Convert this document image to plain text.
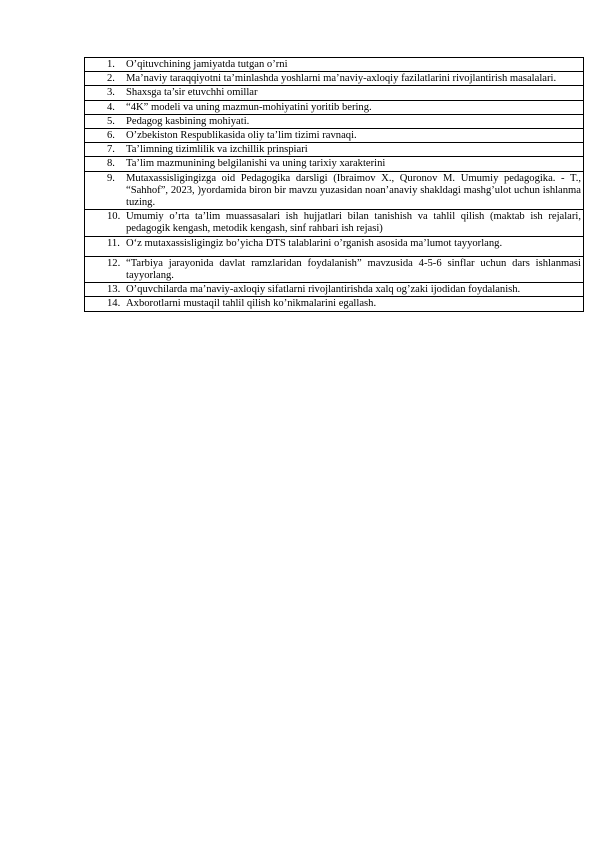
1.	O’qituvchining jamiyatda tutgan o’rni

2.	Ma’naviy taraqqiyotni ta’minlashda yoshlarni ma’naviy-axloqiy fazilatlarini rivojlantirish masalalari.

3.	Shaxsga ta’sir etuvchhi omillar

4.	“4K” modeli va uning mazmun-mohiyatini yoritib bering.

5.	Pedagog kasbining mohiyati.

6.	O’zbekiston Respublikasida oliy ta’lim tizimi ravnaqi.

7.	Ta’limning tizimlilik va izchillik prinspiari

8.	Ta’lim mazmunining belgilanishi va uning tarixiy xarakterini

9.	Mutaxassisligingizga oid Pedagogika darsligi (Ibraimov X., Quronov M. Umumiy pedagogika. - T., “Sahhof”, 2023, )yordamida biron bir mavzu yuzasidan noan’anaviy shakldagi mashg’ulot uchun ishlanma tuzing.

10. Umumiy o’rta ta’lim muassasalari ish hujjatlari bilan tanishish va tahlil qilish (maktab ish rejalari, pedagogik kengash, metodik kengash, sinf rahbari ish rejasi)

11. O‘z mutaxassisligingiz bo’yicha DTS talablarini o’rganish asosida ma’lumot tayyorlang.

12. “Tarbiya jarayonida davlat ramzlaridan foydalanish” mavzusida 4-5-6 sinflar uchun dars ishlanmasi tayyorlang.

13. O’quvchilarda ma’naviy-axloqiy sifatlarni rivojlantirishda xalq og’zaki ijodidan foydalanish.

14. Axborotlarni mustaqil tahlil qilish ko’nikmalarini egallash.
